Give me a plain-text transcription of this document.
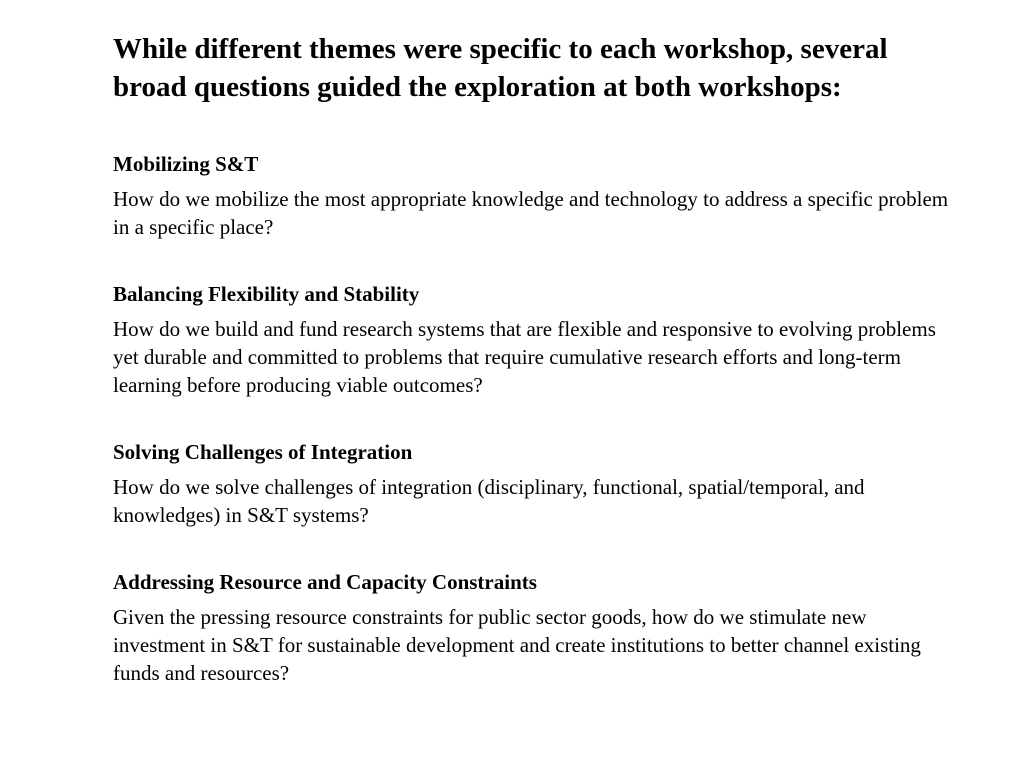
While different themes were specific to each workshop, several broad questions guided the exploration at both workshops:
Mobilizing S&T

How do we mobilize the most appropriate knowledge and technology to address a specific problem in a specific place?

Balancing Flexibility and Stability

How do we build and fund research systems that are flexible and responsive to evolving problems yet durable and committed to problems that require cumulative research efforts and long-term learning before producing viable outcomes?

Solving Challenges of Integration

How do we solve challenges of integration (disciplinary, functional, spatial/temporal, and knowledges) in S&T systems?

Addressing Resource and Capacity Constraints

Given the pressing resource constraints for public sector goods, how do we stimulate new investment in S&T for sustainable development and create institutions to better channel existing funds and resources?
